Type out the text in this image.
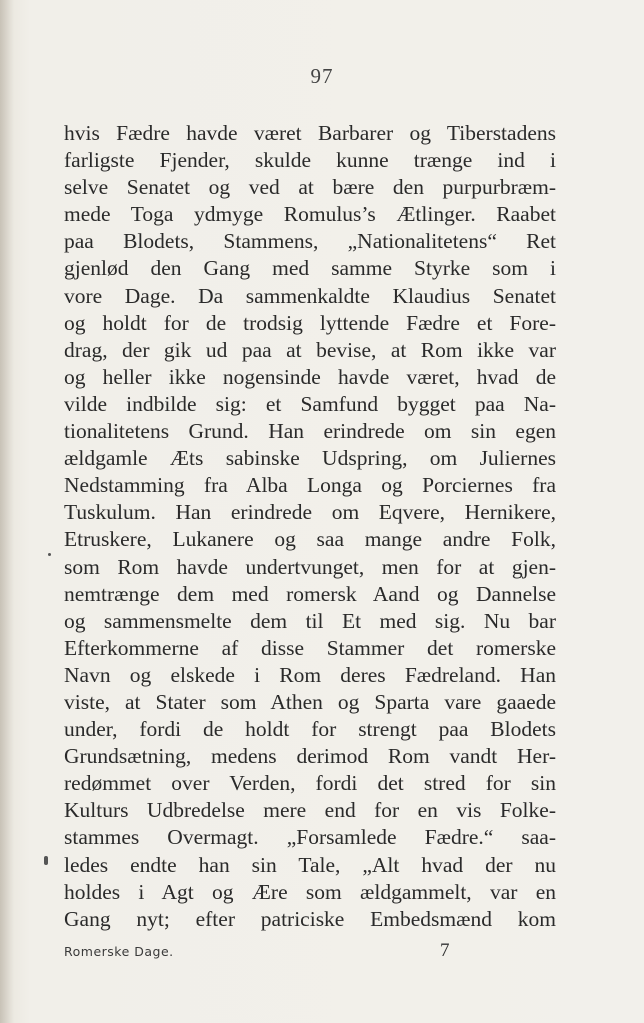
97
hvis Fædre havde været Barbarer og Tiberstadens
farligste Fjender, skulde kunne trænge ind i
selve Senatet og ved at bære den purpurbræm-
mede Toga ydmyge Romulus’s Ætlinger. Raabet
paa Blodets, Stammens, „Nationalitetens“ Ret
gjenlød den Gang med samme Styrke som i
vore Dage. Da sammenkaldte Klaudius Senatet
og holdt for de trodsig lyttende Fædre et Fore-
drag, der gik ud paa at bevise, at Rom ikke var
og heller ikke nogensinde havde været, hvad de
vilde indbilde sig: et Samfund bygget paa Na-
tionalitetens Grund. Han erindrede om sin egen
ældgamle Æts sabinske Udspring, om Juliernes
Nedstamming fra Alba Longa og Porciernes fra
Tuskulum. Han erindrede om Eqvere, Hernikere,
Etruskere, Lukanere og saa mange andre Folk,
som Rom havde undertvunget, men for at gjen-
nemtrænge dem med romersk Aand og Dannelse
og sammensmelte dem til Et med sig. Nu bar
Efterkommerne af disse Stammer det romerske
Navn og elskede i Rom deres Fædreland. Han
viste, at Stater som Athen og Sparta vare gaaede
under, fordi de holdt for strengt paa Blodets
Grundsætning, medens derimod Rom vandt Her-
redømmet over Verden, fordi det stred for sin
Kulturs Udbredelse mere end for en vis Folke-
stammes Overmagt. „Forsamlede Fædre.“ saa-
ledes endte han sin Tale, „Alt hvad der nu
holdes i Agt og Ære som ældgammelt, var en
Gang nyt; efter patriciske Embedsmænd kom
Romerske Dage.	7
